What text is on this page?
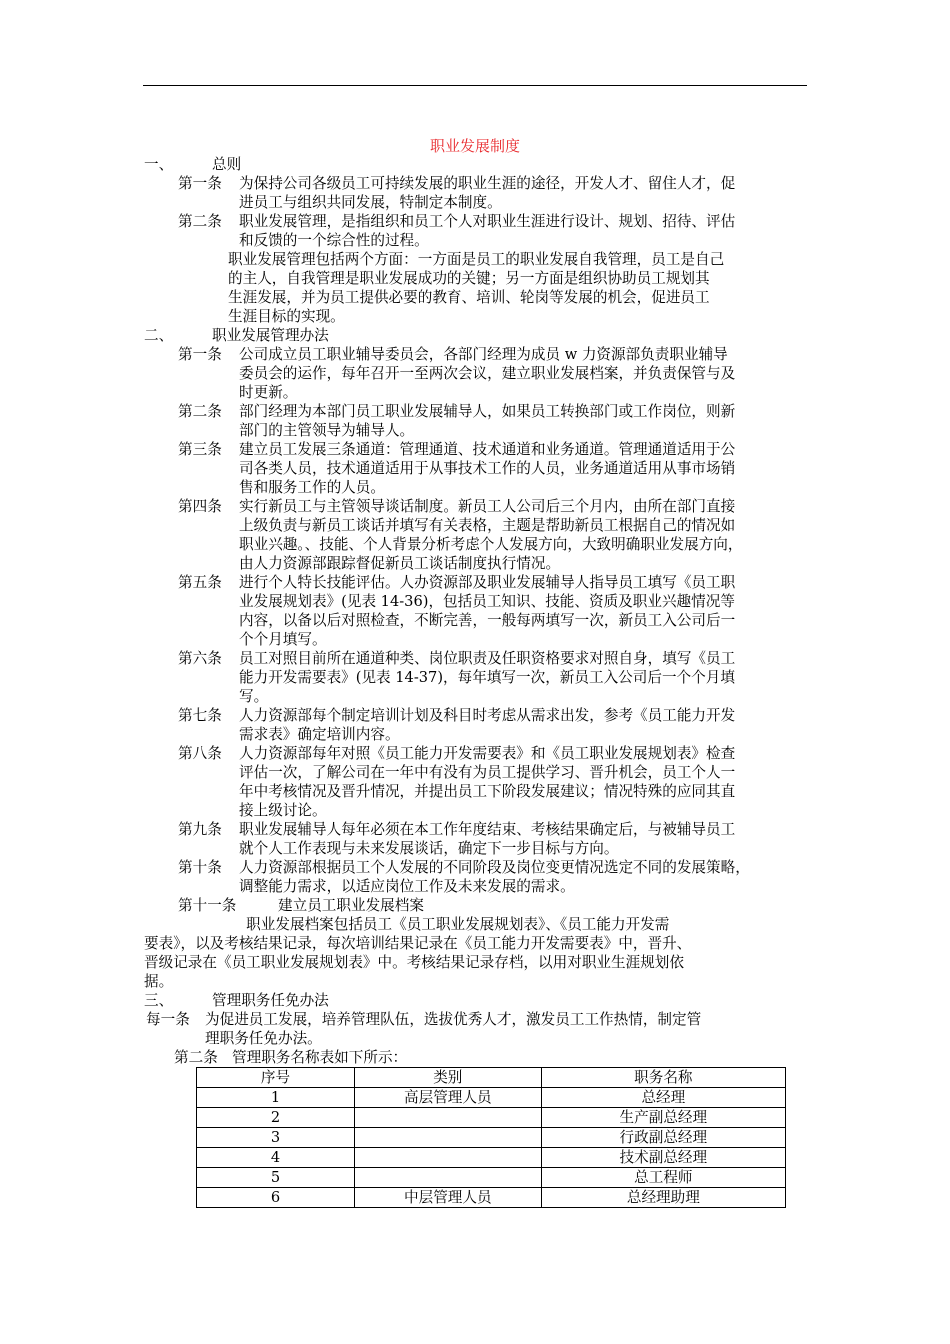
职业发展制度
一、	总则
第一条	为保持公司各级员工可持续发展的职业生涯的途径，开发人才、留住人才，促
进员工与组织共同发展，特制定本制度。
第二条	职业发展管理，是指组织和员工个人对职业生涯进行设计、规划、招待、评估
和反馈的一个综合性的过程。
职业发展管理包括两个方面：一方面是员工的职业发展自我管理，员工是自己
的主人，自我管理是职业发展成功的关键；另一方面是组织协助员工规划其
生涯发展，并为员工提供必要的教育、培训、轮岗等发展的机会，促进员工
生涯目标的实现。
二、	职业发展管理办法
第一条	公司成立员工职业辅导委员会，各部门经理为成员 w 力资源部负责职业辅导
委员会的运作，每年召开一至两次会议，建立职业发展档案，并负责保管与及
时更新。
第二条	部门经理为本部门员工职业发展辅导人，如果员工转换部门或工作岗位，则新
部门的主管领导为辅导人。
第三条	建立员工发展三条通道：管理通道、技术通道和业务通道。管理通道适用于公
司各类人员，技术通道适用于从事技术工作的人员，业务通道适用从事市场销
售和服务工作的人员。
第四条	实行新员工与主管领导谈话制度。新员工人公司后三个月内，由所在部门直接
上级负责与新员工谈话并填写有关表格，主题是帮助新员工根据自己的情况如
职业兴趣。、技能、个人背景分析考虑个人发展方向，大致明确职业发展方向，
由人力资源部跟踪督促新员工谈话制度执行情况。
第五条	进行个人特长技能评估。人办资源部及职业发展辅导人指导员工填写《员工职
业发展规划表》(见表 14-36)，包括员工知识、技能、资质及职业兴趣情况等
内容，以备以后对照检查，不断完善，一般每两填写一次，新员工入公司后一
个个月填写。
第六条	员工对照目前所在通道种类、岗位职责及任职资格要求对照自身，填写《员工
能力开发需要表》(见表 14-37)，每年填写一次，新员工入公司后一个个月填
写。
第七条	人力资源部每个制定培训计划及科目时考虑从需求出发，参考《员工能力开发
需求表》确定培训内容。
第八条	人力资源部每年对照《员工能力开发需要表》和《员工职业发展规划表》检查
评估一次，了解公司在一年中有没有为员工提供学习、晋升机会，员工个人一
年中考核情况及晋升情况，并提出员工下阶段发展建议；情况特殊的应同其直
接上级讨论。
第九条	职业发展辅导人每年必须在本工作年度结束、考核结果确定后，与被辅导员工
就个人工作表现与未来发展谈话，确定下一步目标与方向。
第十条	人力资源部根据员工个人发展的不同阶段及岗位变更情况选定不同的发展策略，
调整能力需求，以适应岗位工作及未来发展的需求。
第十一条	建立员工职业发展档案
　　　　　　　职业发展档案包括员工《员工职业发展规划表》、《员工能力开发需
要表》，以及考核结果记录，每次培训结果记录在《员工能力开发需要表》中，晋升、
晋级记录在《员工职业发展规划表》中。考核结果记录存档，以用对职业生涯规划依
据。
三、	管理职务任免办法
每一条	为促进员工发展，培养管理队伍，选拔优秀人才，激发员工工作热情，制定管
理职务任免办法。
第二条 管理职务名称表如下所示：
序号	类别	职务名称
1	高层管理人员	总经理
2		生产副总经理
3		行政副总经理
4		技术副总经理
5		总工程师
6	中层管理人员	总经理助理
